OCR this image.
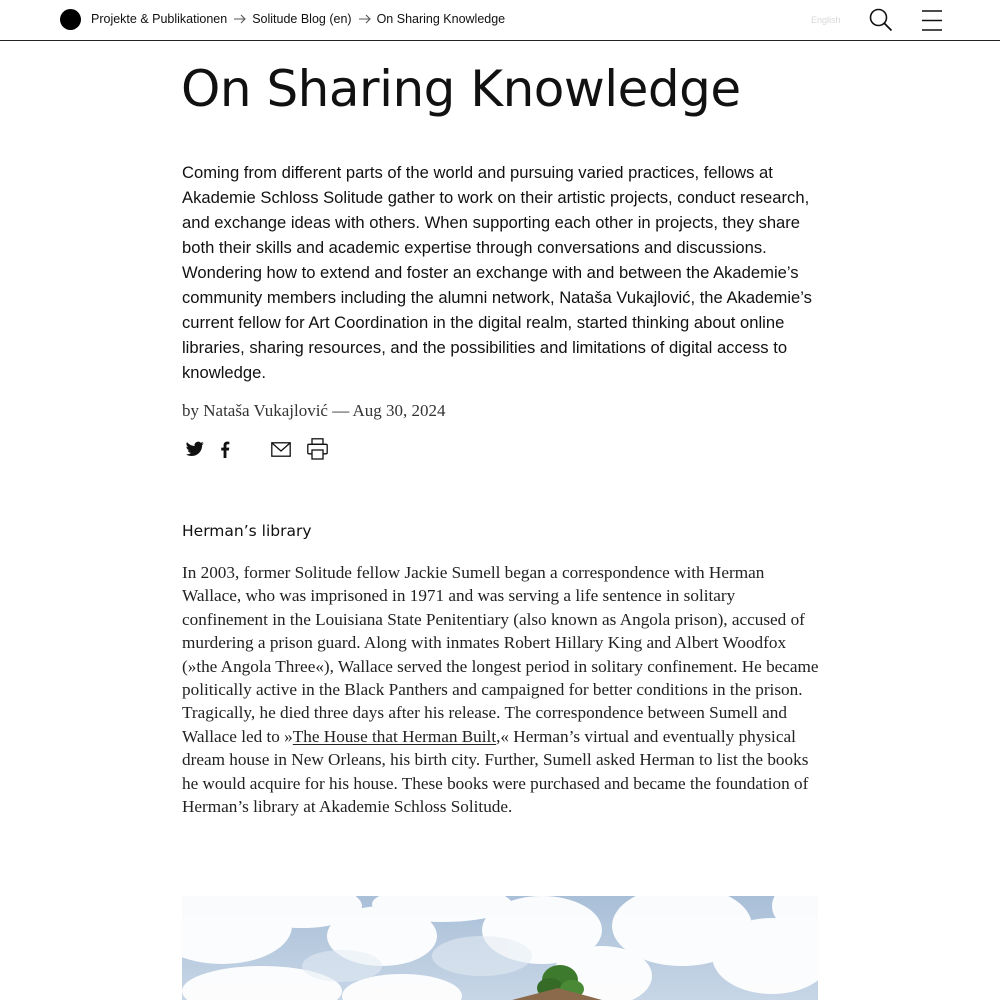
Projekte & Publikationen Solitude Blog (en) On Sharing Knowledge	English
On Sharing Knowledge

Coming from different parts of the world and pursuing varied practices, fellows at Akademie Schloss Solitude gather to work on their artistic projects, conduct research, and exchange ideas with others. When supporting each other in projects, they share both their skills and academic expertise through conversations and discussions. Wondering how to extend and foster an exchange with and between the Akademie’s community members including the alumni network, Nataša Vukajlović, the Akademie’s current fellow for Art Coordination in the digital realm, started thinking about online libraries, sharing resources, and the possibilities and limitations of digital access to knowledge.

by Nataša Vukajlović — Aug 30, 2024
Herman’s library

In 2003, former Solitude fellow Jackie Sumell began a correspondence with Herman Wallace, who was imprisoned in 1971 and was serving a life sentence in solitary confinement in the Louisiana State Penitentiary (also known as Angola prison), accused of murdering a prison guard. Along with inmates Robert Hillary King and Albert Woodfox (»the Angola Three«), Wallace served the longest period in solitary confinement. He became politically active in the Black Panthers and campaigned for better conditions in the prison. Tragically, he died three days after his release. The correspondence between Sumell and Wallace led to »The House that Herman Built,« Herman’s virtual and eventually physical dream house in New Orleans, his birth city. Further, Sumell asked Herman to list the books he would acquire for his house. These books were purchased and became the foundation of Herman’s library at Akademie Schloss Solitude.
